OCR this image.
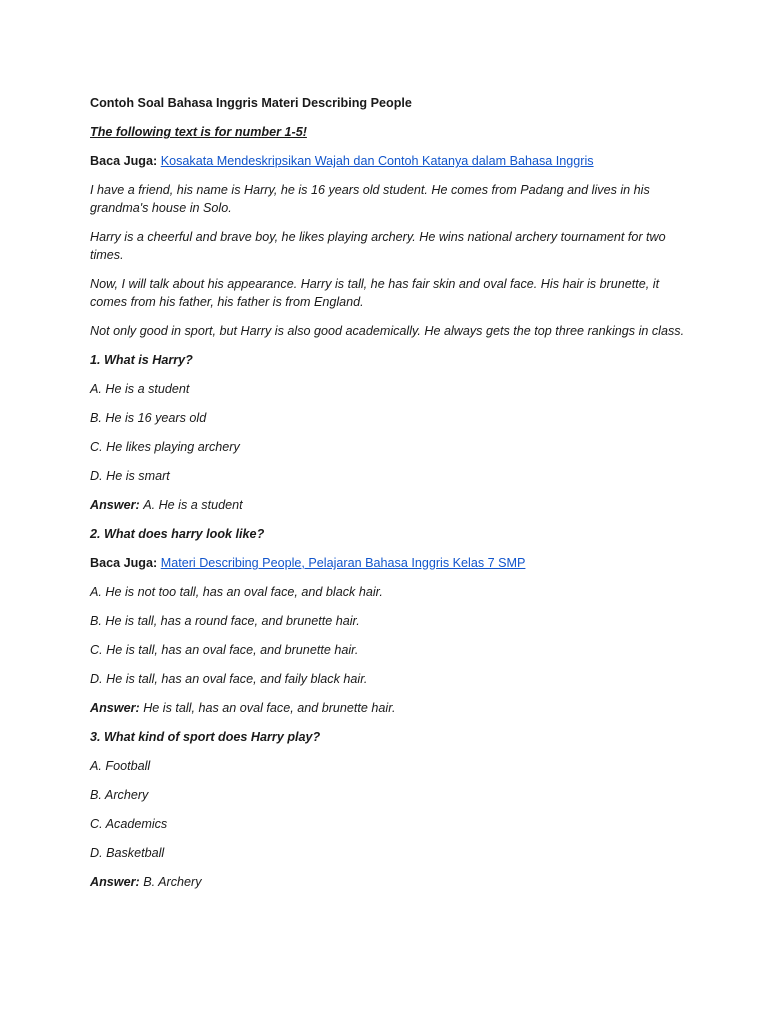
Contoh Soal Bahasa Inggris Materi Describing People

The following text is for number 1-5!

Baca Juga: Kosakata Mendeskripsikan Wajah dan Contoh Katanya dalam Bahasa Inggris

I have a friend, his name is Harry, he is 16 years old student. He comes from Padang and lives in his grandma's house in Solo.

Harry is a cheerful and brave boy, he likes playing archery. He wins national archery tournament for two times.

Now, I will talk about his appearance. Harry is tall, he has fair skin and oval face. His hair is brunette, it comes from his father, his father is from England.

Not only good in sport, but Harry is also good academically. He always gets the top three rankings in class.

1. What is Harry?

A. He is a student

B. He is 16 years old

C. He likes playing archery

D. He is smart

Answer: A. He is a student

2. What does harry look like?

Baca Juga: Materi Describing People, Pelajaran Bahasa Inggris Kelas 7 SMP

A. He is not too tall, has an oval face, and black hair.

B. He is tall, has a round face, and brunette hair.

C. He is tall, has an oval face, and brunette hair.

D. He is tall, has an oval face, and faily black hair.

Answer: He is tall, has an oval face, and brunette hair.

3. What kind of sport does Harry play?

A. Football

B. Archery

C. Academics

D. Basketball

Answer: B. Archery
